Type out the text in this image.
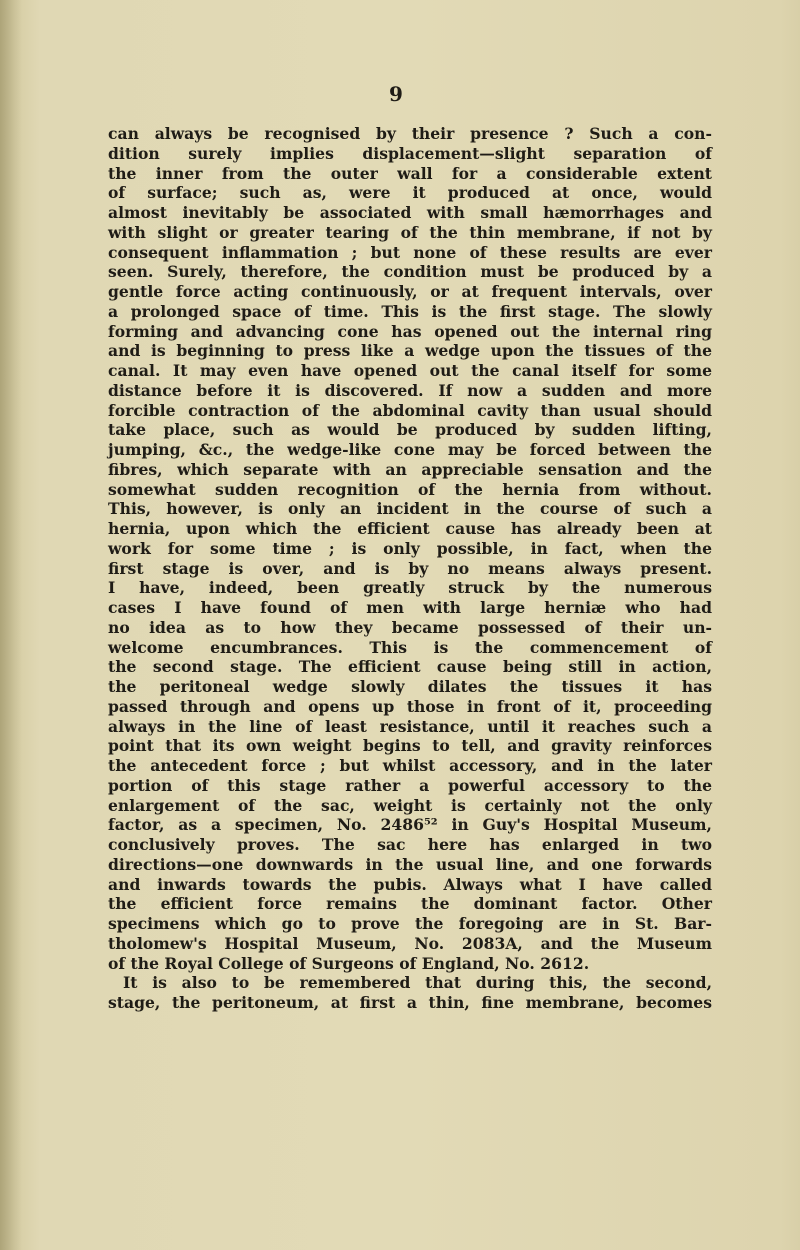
9
can always be recognised by their presence ? Such a con-
dition surely implies displacement—slight separation of
the inner from the outer wall for a considerable extent
of surface; such as, were it produced at once, would
almost inevitably be associated with small hæmorrhages and
with slight or greater tearing of the thin membrane, if not by
consequent inflammation ; but none of these results are ever
seen. Surely, therefore, the condition must be produced by a
gentle force acting continuously, or at frequent intervals, over
a prolonged space of time. This is the first stage. The slowly
forming and advancing cone has opened out the internal ring
and is beginning to press like a wedge upon the tissues of the
canal. It may even have opened out the canal itself for some
distance before it is discovered. If now a sudden and more
forcible contraction of the abdominal cavity than usual should
take place, such as would be produced by sudden lifting,
jumping, &c., the wedge-like cone may be forced between the
fibres, which separate with an appreciable sensation and the
somewhat sudden recognition of the hernia from without.
This, however, is only an incident in the course of such a
hernia, upon which the efficient cause has already been at
work for some time ; is only possible, in fact, when the
first stage is over, and is by no means always present.
I have, indeed, been greatly struck by the numerous
cases I have found of men with large herniæ who had
no idea as to how they became possessed of their un-
welcome encumbrances. This is the commencement of
the second stage. The efficient cause being still in action,
the peritoneal wedge slowly dilates the tissues it has
passed through and opens up those in front of it, proceeding
always in the line of least resistance, until it reaches such a
point that its own weight begins to tell, and gravity reinforces
the antecedent force ; but whilst accessory, and in the later
portion of this stage rather a powerful accessory to the
enlargement of the sac, weight is certainly not the only
factor, as a specimen, No. 2486⁵² in Guy's Hospital Museum,
conclusively proves. The sac here has enlarged in two
directions—one downwards in the usual line, and one forwards
and inwards towards the pubis. Always what I have called
the efficient force remains the dominant factor. Other
specimens which go to prove the foregoing are in St. Bar-
tholomew's Hospital Museum, No. 2083A, and the Museum
of the Royal College of Surgeons of England, No. 2612.
It is also to be remembered that during this, the second,
stage, the peritoneum, at first a thin, fine membrane, becomes
